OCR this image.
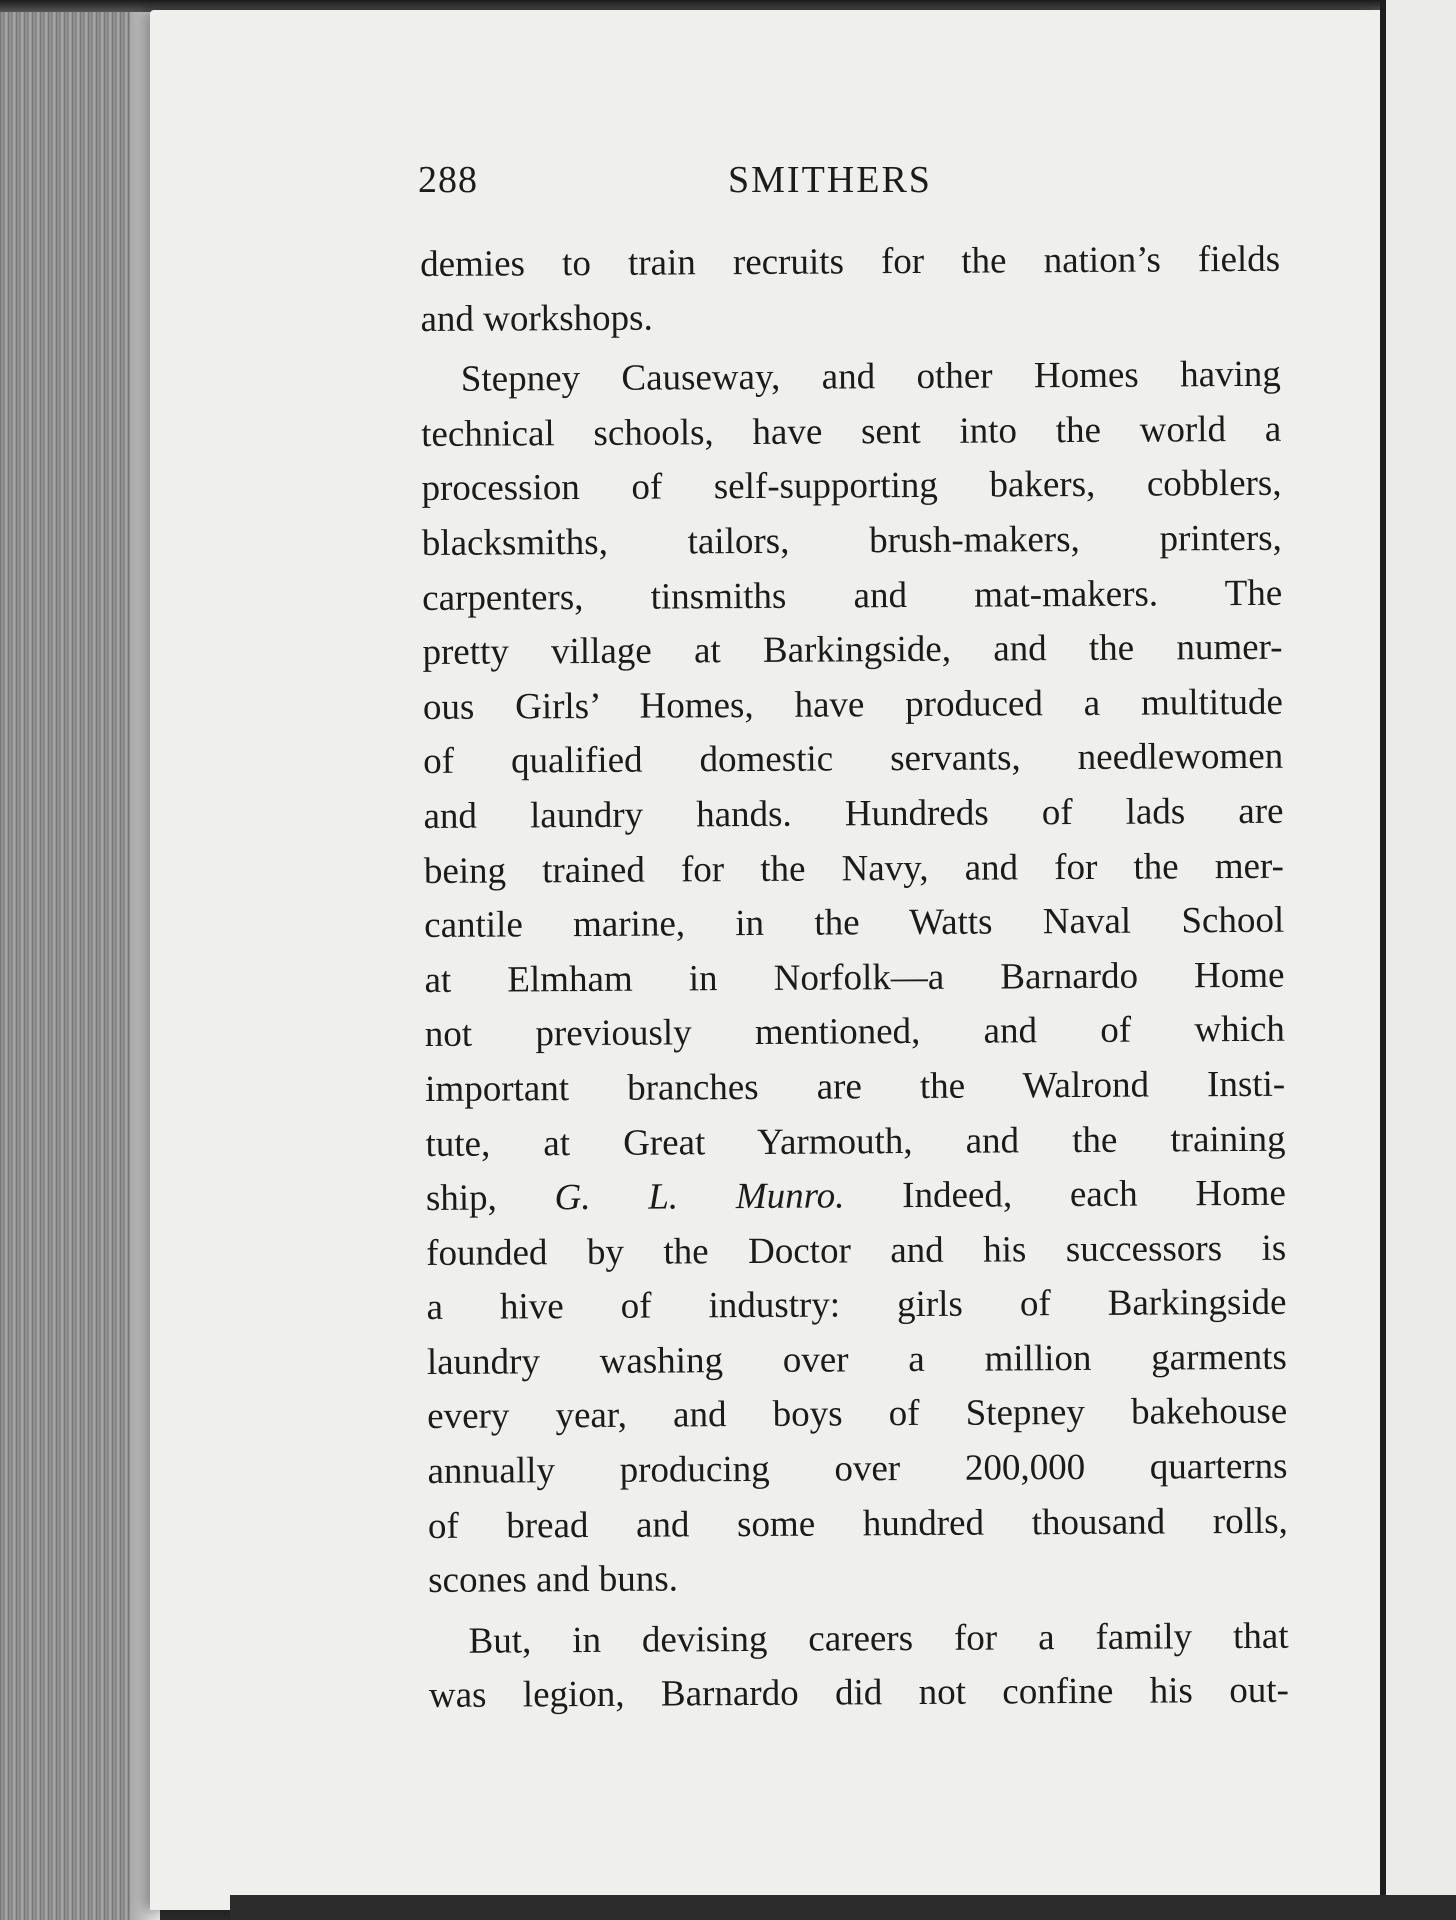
288	SMITHERS
demies to train recruits for the nation’s fields
and workshops.
Stepney Causeway, and other Homes having
technical schools, have sent into the world a
procession of self-supporting bakers, cobblers,
blacksmiths, tailors, brush-makers, printers,
carpenters, tinsmiths and mat-makers. The
pretty village at Barkingside, and the numer-
ous Girls’ Homes, have produced a multitude
of qualified domestic servants, needlewomen
and laundry hands. Hundreds of lads are
being trained for the Navy, and for the mer-
cantile marine, in the Watts Naval School
at Elmham in Norfolk—a Barnardo Home
not previously mentioned, and of which
important branches are the Walrond Insti-
tute, at Great Yarmouth, and the training
ship, G. L. Munro. Indeed, each Home
founded by the Doctor and his successors is
a hive of industry: girls of Barkingside
laundry washing over a million garments
every year, and boys of Stepney bakehouse
annually producing over 200,000 quarterns
of bread and some hundred thousand rolls,
scones and buns.
But, in devising careers for a family that
was legion, Barnardo did not confine his out-
